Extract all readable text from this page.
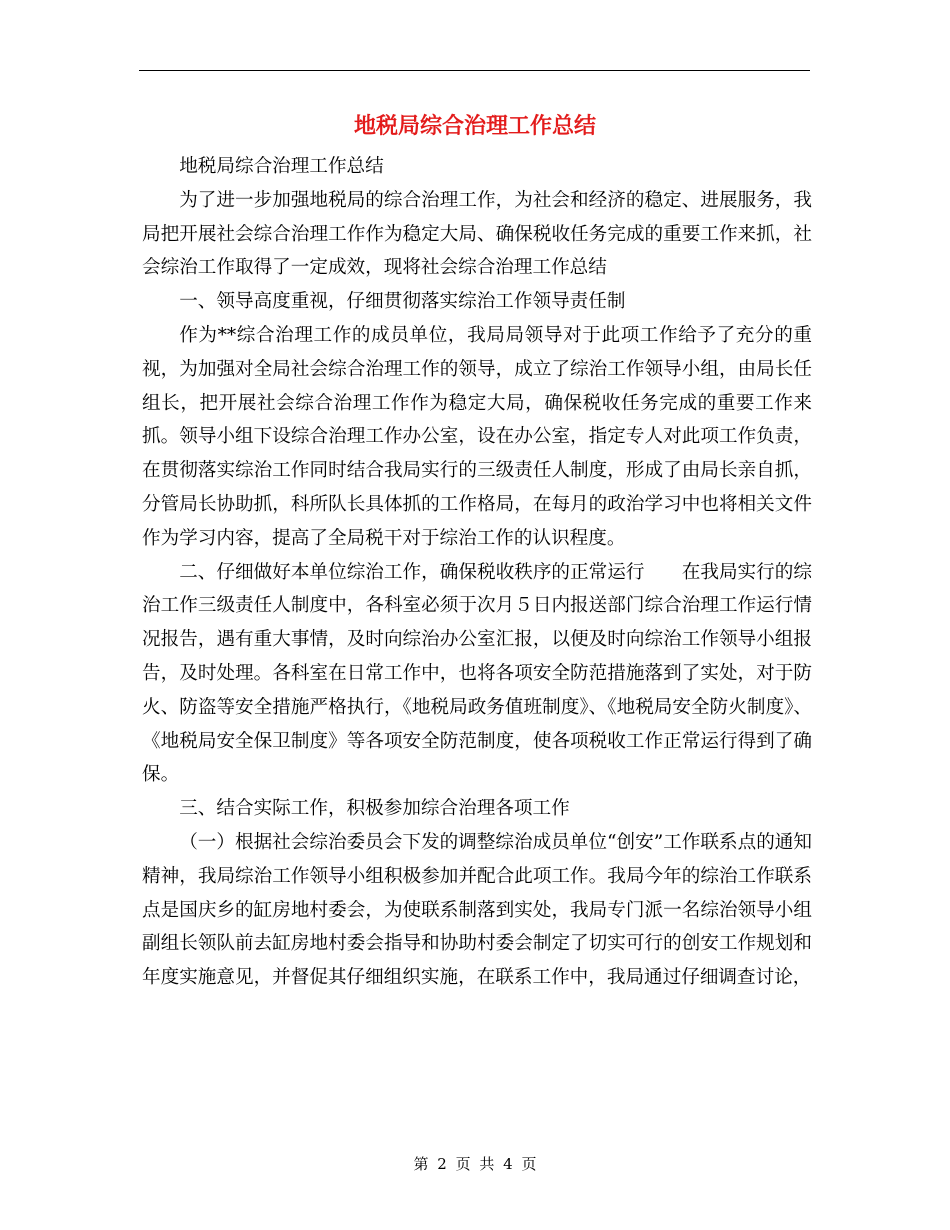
地税局综合治理工作总结

地税局综合治理工作总结

为了进一步加强地税局的综合治理工作，为社会和经济的稳定、进展服务，我局把开展社会综合治理工作作为稳定大局、确保税收任务完成的重要工作来抓，社会综治工作取得了一定成效，现将社会综合治理工作总结

一、领导高度重视，仔细贯彻落实综治工作领导责任制

作为**综合治理工作的成员单位，我局局领导对于此项工作给予了充分的重视，为加强对全局社会综合治理工作的领导，成立了综治工作领导小组，由局长任组长，把开展社会综合治理工作作为稳定大局，确保税收任务完成的重要工作来抓。领导小组下设综合治理工作办公室，设在办公室，指定专人对此项工作负责，在贯彻落实综治工作同时结合我局实行的三级责任人制度，形成了由局长亲自抓，分管局长协助抓，科所队长具体抓的工作格局，在每月的政治学习中也将相关文件作为学习内容，提高了全局税干对于综治工作的认识程度。

二、仔细做好本单位综治工作，确保税收秩序的正常运行　　在我局实行的综治工作三级责任人制度中，各科室必须于次月５日内报送部门综合治理工作运行情况报告，遇有重大事情，及时向综治办公室汇报，以便及时向综治工作领导小组报告，及时处理。各科室在日常工作中，也将各项安全防范措施落到了实处，对于防火、防盗等安全措施严格执行，《地税局政务值班制度》、《地税局安全防火制度》、《地税局安全保卫制度》等各项安全防范制度，使各项税收工作正常运行得到了确保。

三、结合实际工作，积极参加综合治理各项工作

（一）根据社会综治委员会下发的调整综治成员单位“创安”工作联系点的通知精神，我局综治工作领导小组积极参加并配合此项工作。我局今年的综治工作联系点是国庆乡的缸房地村委会，为使联系制落到实处，我局专门派一名综治领导小组副组长领队前去缸房地村委会指导和协助村委会制定了切实可行的创安工作规划和年度实施意见，并督促其仔细组织实施，在联系工作中，我局通过仔细调查讨论，

第 2 页 共 4 页
